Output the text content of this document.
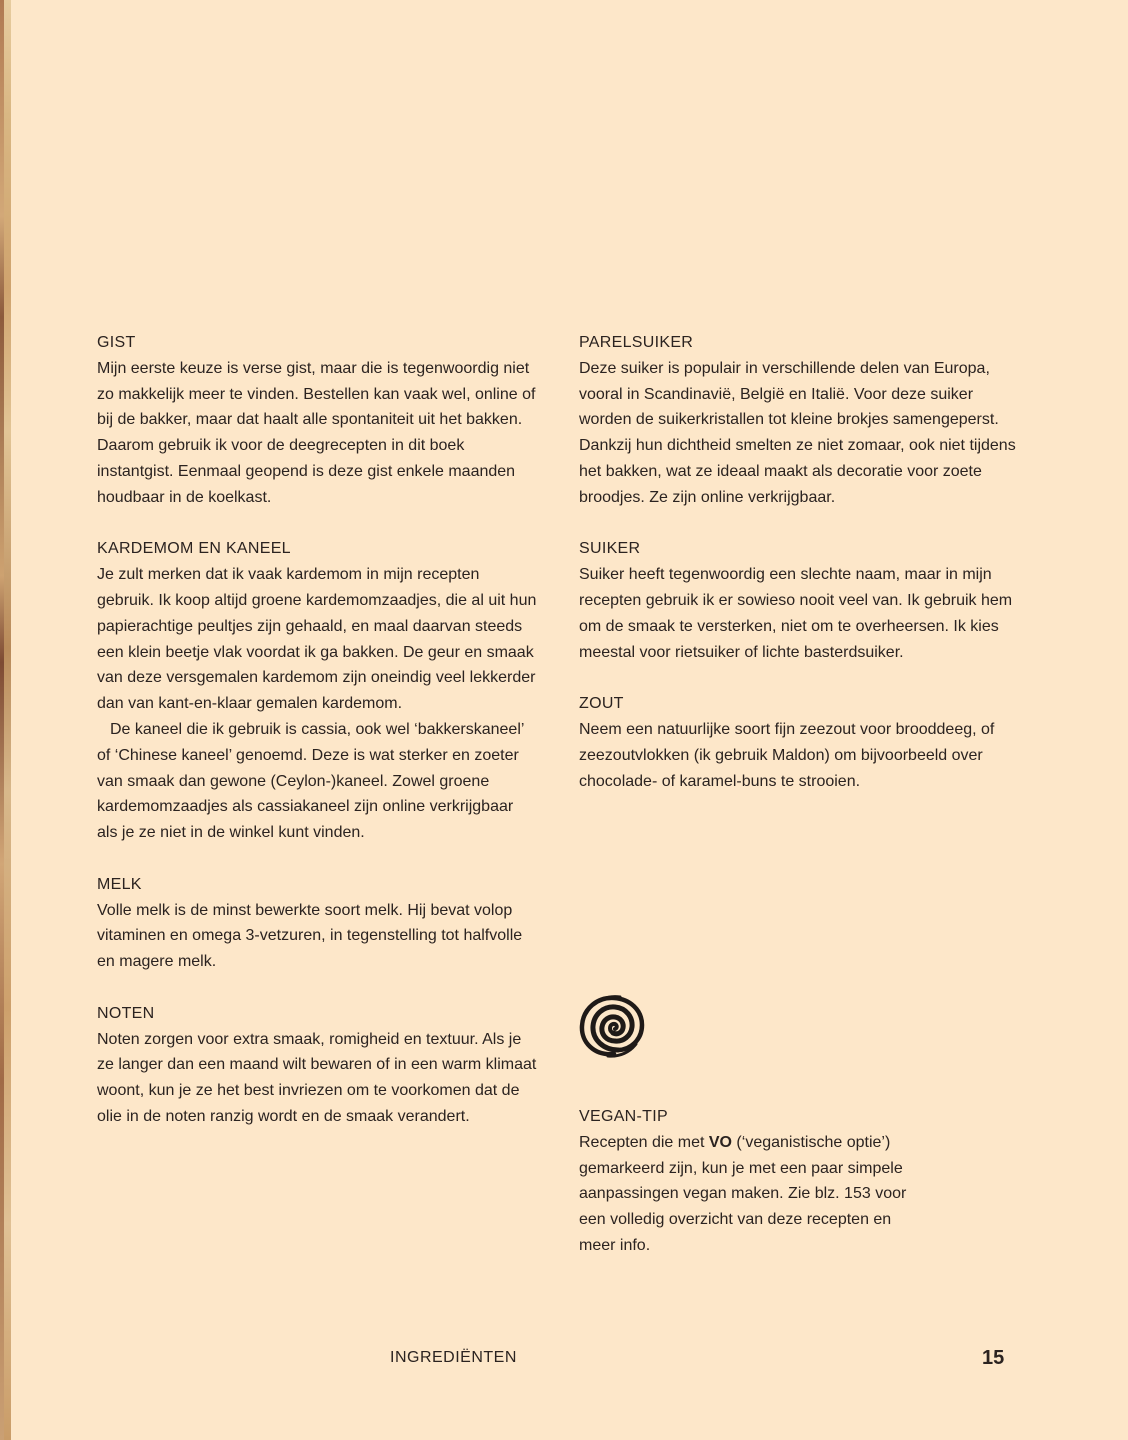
GIST

Mijn eerste keuze is verse gist, maar die is tegenwoordig niet zo makkelijk meer te vinden. Bestellen kan vaak wel, online of bij de bakker, maar dat haalt alle spontaniteit uit het bakken. Daarom gebruik ik voor de deegrecepten in dit boek instantgist. Eenmaal geopend is deze gist enkele maanden houdbaar in de koelkast.

KARDEMOM EN KANEEL

Je zult merken dat ik vaak kardemom in mijn recepten gebruik. Ik koop altijd groene kardemomzaadjes, die al uit hun papierachtige peultjes zijn gehaald, en maal daarvan steeds een klein beetje vlak voordat ik ga bakken. De geur en smaak van deze versgemalen kardemom zijn oneindig veel lekkerder dan van kant-en-klaar gemalen kardemom.

De kaneel die ik gebruik is cassia, ook wel ‘bakkerskaneel’ of ‘Chinese kaneel’ genoemd. Deze is wat sterker en zoeter van smaak dan gewone (Ceylon-)kaneel. Zowel groene kardemomzaadjes als cassiakaneel zijn online verkrijgbaar als je ze niet in de winkel kunt vinden.

MELK

Volle melk is de minst bewerkte soort melk. Hij bevat volop vitaminen en omega 3-vetzuren, in tegenstelling tot halfvolle en magere melk.

NOTEN

Noten zorgen voor extra smaak, romigheid en textuur. Als je ze langer dan een maand wilt bewaren of in een warm klimaat woont, kun je ze het best invriezen om te voorkomen dat de olie in de noten ranzig wordt en de smaak verandert.

PARELSUIKER

Deze suiker is populair in verschillende delen van Europa, vooral in Scandinavië, België en Italië. Voor deze suiker worden de suikerkristallen tot kleine brokjes samengeperst. Dankzij hun dichtheid smelten ze niet zomaar, ook niet tijdens het bakken, wat ze ideaal maakt als decoratie voor zoete broodjes. Ze zijn online verkrijgbaar.

SUIKER

Suiker heeft tegenwoordig een slechte naam, maar in mijn recepten gebruik ik er sowieso nooit veel van. Ik gebruik hem om de smaak te versterken, niet om te overheersen. Ik kies meestal voor rietsuiker of lichte basterdsuiker.

ZOUT

Neem een natuurlijke soort fijn zeezout voor brooddeeg, of zeezoutvlokken (ik gebruik Maldon) om bijvoorbeeld over chocolade- of karamel-buns te strooien.

VEGAN-TIP

Recepten die met VO (‘veganistische optie’) gemarkeerd zijn, kun je met een paar simpele aanpassingen vegan maken. Zie blz. 153 voor een volledig overzicht van deze recepten en meer info.

INGREDIËNTEN	15
